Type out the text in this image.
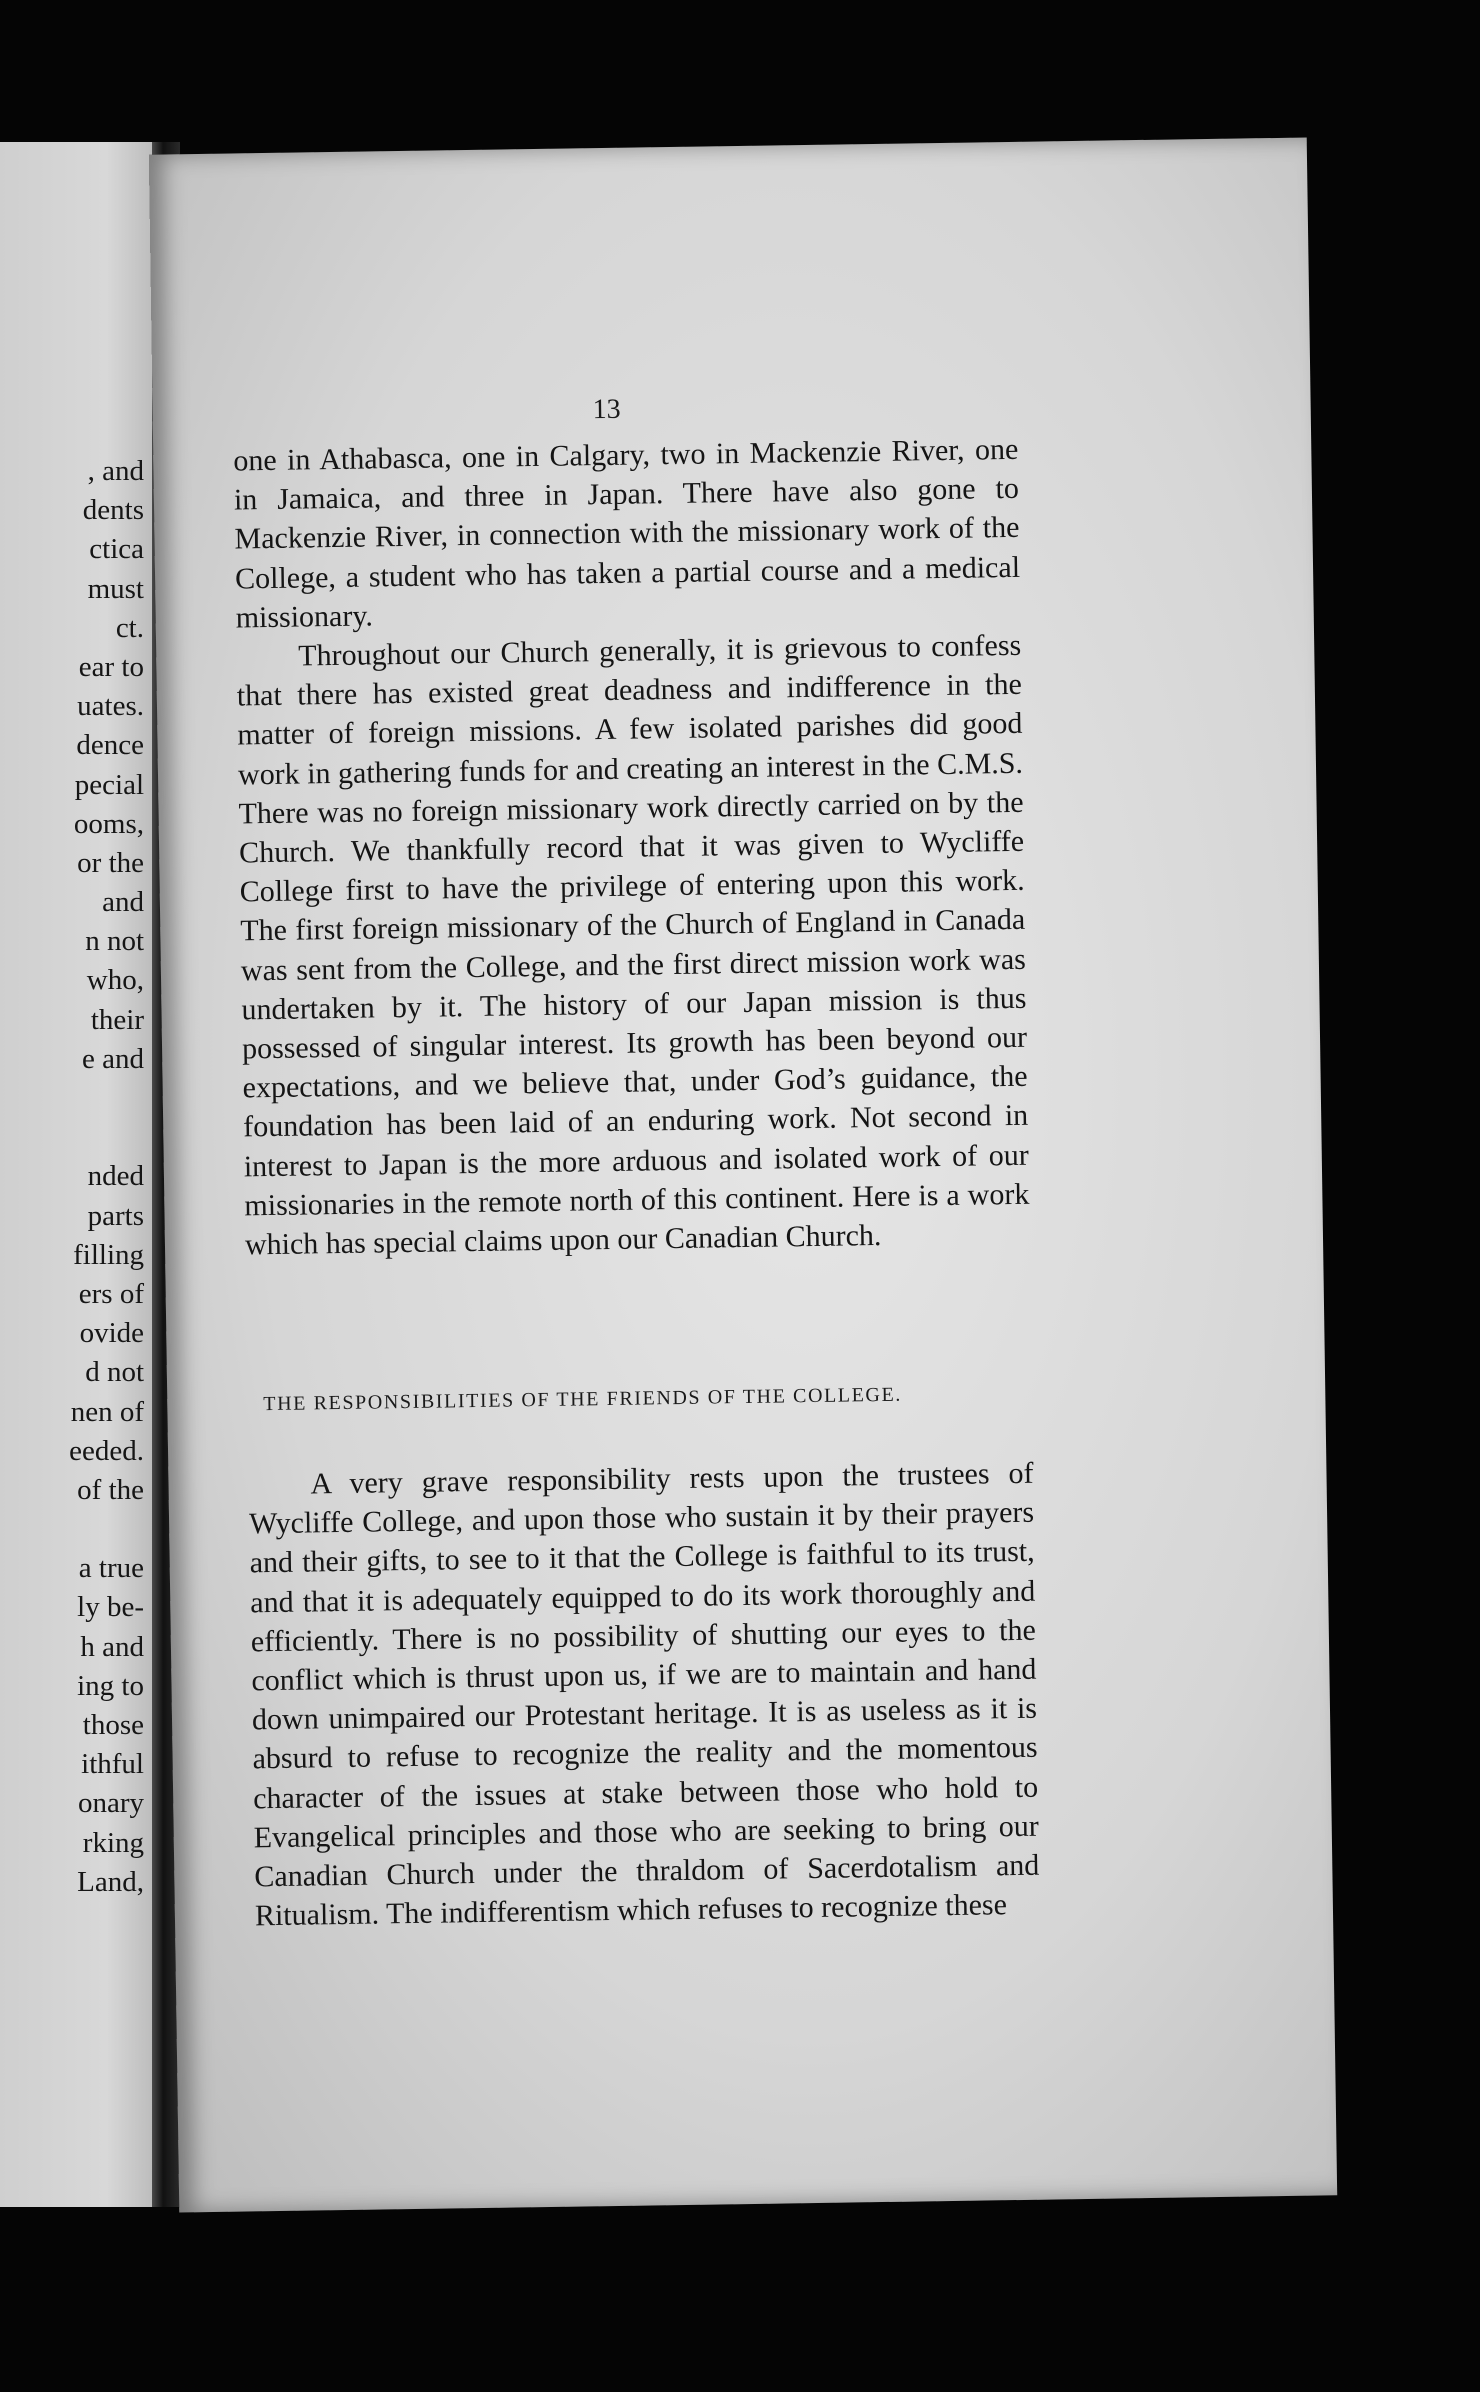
, and
dents
ctica
must
ct.
ear to
uates.
dence
pecial
ooms,
or the
and
n not
who,
their
e and
nded
parts
filling
ers of
ovide
d not
nen of
eeded.
of the
a true
ly be-
h and
ing to
those
ithful
onary
rking
Land,
13

one in Athabasca, one in Calgary, two in Mackenzie River, one in Jamaica, and three in Japan. There have also gone to Mackenzie River, in connection with the missionary work of the College, a student who has taken a partial course and a medical missionary.

Throughout our Church generally, it is grievous to confess that there has existed great deadness and indifference in the matter of foreign missions. A few isolated parishes did good work in gathering funds for and creating an interest in the C.M.S. There was no foreign missionary work directly carried on by the Church. We thankfully record that it was given to Wycliffe College first to have the privilege of entering upon this work. The first foreign missionary of the Church of England in Canada was sent from the College, and the first direct mission work was undertaken by it. The history of our Japan mission is thus possessed of singular interest. Its growth has been beyond our expectations, and we believe that, under God’s guidance, the foundation has been laid of an enduring work. Not second in interest to Japan is the more arduous and isolated work of our missionaries in the remote north of this continent. Here is a work which has special claims upon our Canadian Church.

THE RESPONSIBILITIES OF THE FRIENDS OF THE COLLEGE.

A very grave responsibility rests upon the trustees of Wycliffe College, and upon those who sustain it by their prayers and their gifts, to see to it that the College is faithful to its trust, and that it is adequately equipped to do its work thoroughly and efficiently. There is no possibility of shutting our eyes to the conflict which is thrust upon us, if we are to maintain and hand down unimpaired our Protestant heritage. It is as useless as it is absurd to refuse to recognize the reality and the momentous character of the issues at stake between those who hold to Evangelical principles and those who are seeking to bring our Canadian Church under the thraldom of Sacerdotalism and Ritualism. The indifferentism which refuses to recognize these
